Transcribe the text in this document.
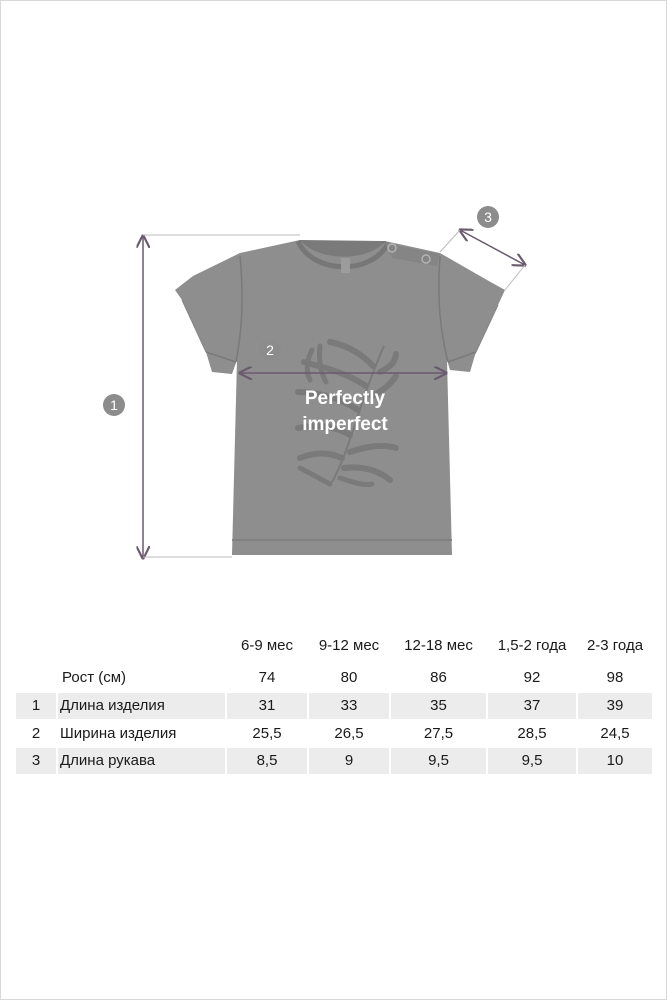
Perfectly
imperfect
1
2
3
6-9 мес	9-12 мес	12-18 мес	1,5-2 года	2-3 года
Рост (см)	74	80	86	92	98
1	Длина изделия	31	33	35	37	39
2	Ширина изделия	25,5	26,5	27,5	28,5	24,5
3	Длина рукава	8,5	9	9,5	9,5	10
